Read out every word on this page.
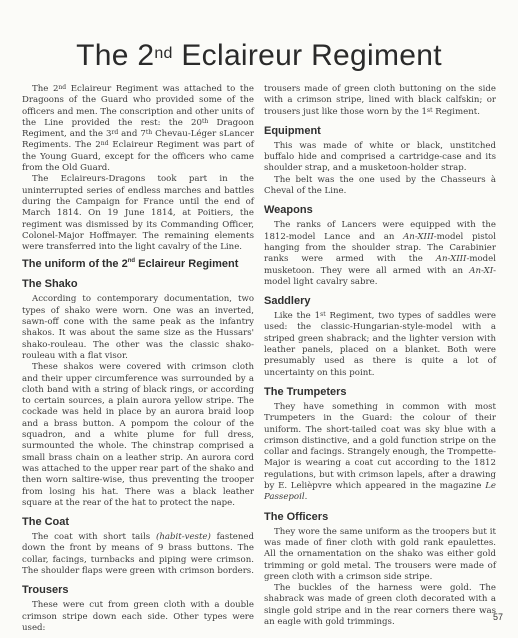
The 2nd Eclaireur Regiment

The 2nd Eclaireur Regiment was attached to the Dragoons of the Guard who provided some of the officers and men. The conscription and other units of the Line provided the rest: the 20th Dragoon Regiment, and the 3rd and 7th Chevau-Léger sLancer Regiments. The 2nd Eclaireur Regiment was part of the Young Guard, except for the officers who came from the Old Guard.

The Eclaireurs-Dragons took part in the uninterrupted series of endless marches and battles during the Campaign for France until the end of March 1814. On 19 June 1814, at Poitiers, the regiment was dismissed by its Commanding Officer, Colonel-Major Hoffmayer. The remaining elements were transferred into the light cavalry of the Line.

The uniform of the 2nd Eclaireur Regiment
The Shako

According to contemporary documentation, two types of shako were worn. One was an inverted, sawn-off cone with the same peak as the infantry shakos. It was about the same size as the Hussars' shako-rouleau. The other was the classic shako-rouleau with a flat visor.

These shakos were covered with crimson cloth and their upper circumference was surrounded by a cloth band with a string of black rings, or according to certain sources, a plain aurora yellow stripe. The cockade was held in place by an aurora braid loop and a brass button. A pompom the colour of the squadron, and a white plume for full dress, surmounted the whole. The chinstrap comprised a small brass chain on a leather strip. An aurora cord was attached to the upper rear part of the shako and then worn saltire-wise, thus preventing the trooper from losing his hat. There was a black leather square at the rear of the hat to protect the nape.

The Coat

The coat with short tails (habit-veste) fastened down the front by means of 9 brass buttons. The collar, facings, turnbacks and piping were crimson. The shoulder flaps were green with crimson borders.

Trousers

These were cut from green cloth with a double crimson stripe down each side. Other types were used:

trousers made of green cloth buttoning on the side with a crimson stripe, lined with black calfskin; or trousers just like those worn by the 1st Regiment.

Equipment

This was made of white or black, unstitched buffalo hide and comprised a cartridge-case and its shoulder strap, and a musketoon-holder strap.

The belt was the one used by the Chasseurs à Cheval of the Line.

Weapons

The ranks of Lancers were equipped with the 1812-model Lance and an An-XIII-model pistol hanging from the shoulder strap. The Carabinier ranks were armed with the An-XIII-model musketoon. They were all armed with an An-XI-model light cavalry sabre.

Saddlery

Like the 1st Regiment, two types of saddles were used: the classic-Hungarian-style-model with a striped green shabrack; and the lighter version with leather panels, placed on a blanket. Both were presumably used as there is quite a lot of uncertainty on this point.

The Trumpeters

They have something in common with most Trumpeters in the Guard: the colour of their uniform. The short-tailed coat was sky blue with a crimson distinctive, and a gold function stripe on the collar and facings. Strangely enough, the Trompette-Major is wearing a coat cut according to the 1812 regulations, but with crimson lapels, after a drawing by E. Lelièpvre which appeared in the magazine Le Passepoil.

The Officers

They wore the same uniform as the troopers but it was made of finer cloth with gold rank epaulettes. All the ornamentation on the shako was either gold trimming or gold metal. The trousers were made of green cloth with a crimson side stripe.

The buckles of the harness were gold. The shabrack was made of green cloth decorated with a single gold stripe and in the rear corners there was an eagle with gold trimmings.	57
